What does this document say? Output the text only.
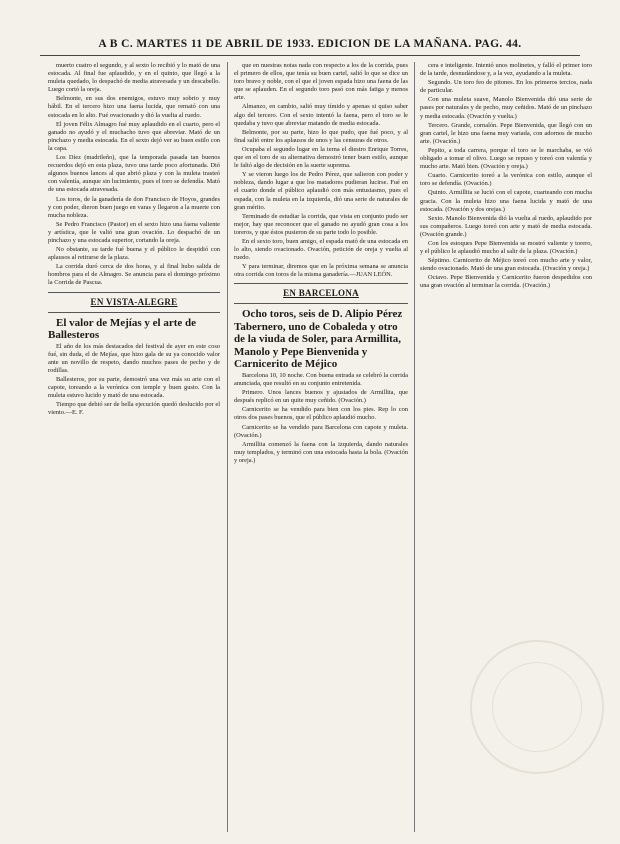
A B C. MARTES 11 DE ABRIL DE 1933. EDICION DE LA MAÑANA. PAG. 44.

muerto cuatro el segundo, y al sexto lo recibió y lo mató de una estocada. Al final fue aplaudido, y en el quinto, que llegó a la muleta quedado, lo despachó de media atravesada y un descabello. Luego cortó la oreja.

Belmonte, en sus dos enemigos, estuvo muy sobrio y muy hábil. En el tercero hizo una faena lucida, que remató con una estocada en lo alto. Fué ovacionado y dió la vuelta al ruedo.

El joven Félix Almagro fué muy aplaudido en el cuarto, pero el ganado no ayudó y el muchacho tuvo que abreviar. Mató de un pinchazo y media estocada. En el sexto dejó ver su buen estilo con la capa.

Los Díez (madrileño), que la temporada pasada tan buenos recuerdos dejó en esta plaza, tuvo una tarde poco afortunada. Dió algunos buenos lances al que abrió plaza y con la muleta trasteó con valentía, aunque sin lucimiento, pues el toro se defendía. Mató de una estocada atravesada.

Los toros, de la ganadería de don Francisco de Hoyos, grandes y con poder, dieron buen juego en varas y llegaron a la muerte con mucha nobleza.

Se Pedro Francisco (Pastor) en el sexto hizo una faena valiente y artística, que le valió una gran ovación. Lo despachó de un pinchazo y una estocada superior, cortando la oreja.

No obstante, su tarde fué buena y el público le despidió con aplausos al retirarse de la plaza.

La corrida duró cerca de dos horas, y al final hubo salida de hombros para el de Almagro. Se anuncia para el domingo próximo la Corrida de Pascua.

EN VISTA-ALEGRE

El valor de Mejías y el arte de Ballesteros

El año de los más destacados del festival de ayer en este coso fué, sin duda, el de Mejías, que hizo gala de su ya conocido valor ante un novillo de respeto, dando muchos pases de pecho y de rodillas.

Ballesteros, por su parte, demostró una vez más su arte con el capote, toreando a la verónica con temple y buen gusto. Con la muleta estuvo lucido y mató de una estocada.

Tiempo que debió ser de bella ejecución quedó deslucido por el viento.—E. F.

que en nuestras notas nada con respecto a los de la corrida, pues el primero de ellos, que tenía su buen cartel, salió lo que se dice un toro bravo y noble, con el que el joven espada hizo una faena de las que se aplauden. En el segundo toro pasó con más fatiga y menos arte.

Almanzo, en cambio, salió muy tímido y apenas si quiso saber algo del tercero. Con el sexto intentó la faena, pero el toro se le quedaba y tuvo que abreviar matando de media estocada.

Belmonte, por su parte, hizo lo que pudo, que fué poco, y al final salió entre los aplausos de unos y las censuras de otros.

Ocupaba el segundo lugar en la terna el diestro Enrique Torres, que en el toro de su alternativa demostró tener buen estilo, aunque le faltó algo de decisión en la suerte suprema.

Y se vieron luego los de Pedro Pérez, que salieron con poder y nobleza, dando lugar a que los matadores pudieran lucirse. Fué en el cuarto donde el público aplaudió con más entusiasmo, pues el espada, con la muleta en la izquierda, dió una serie de naturales de gran mérito.

Terminado de estudiar la corrida, que vista en conjunto pudo ser mejor, hay que reconocer que el ganado no ayudó gran cosa a los toreros, y que éstos pusieron de su parte todo lo posible.

En el sexto toro, buen amigo, el espada mató de una estocada en lo alto, siendo ovacionado. Ovación, petición de oreja y vuelta al ruedo.

Y para terminar, diremos que en la próxima semana se anuncia otra corrida con toros de la misma ganadería.—JUAN LEÓN.

EN BARCELONA

Ocho toros, seis de D. Alipio Pérez Tabernero, uno de Cobaleda y otro de la viuda de Soler, para Armillita, Manolo y Pepe Bienvenida y Carnicerito de Méjico

Barcelona 10, 10 noche. Con buena entrada se celebró la corrida anunciada, que resultó en su conjunto entretenida.

Primero. Unos lances buenos y ajustados de Armillita, que después replicó en un quite muy ceñido. (Ovación.)

Carnicerito se ha vendido para bien con los pies. Rep lo con otros dos pases buenos, que el público aplaudió mucho.

Carnicerito se ha vendido para Barcelona con capote y muleta. (Ovación.)

Armillita comenzó la faena con la izquierda, dando naturales muy templados, y terminó con una estocada hasta la bola. (Ovación y oreja.)

cera e inteligente. Intentó unos molinetes, y falló el primer toro de la tarde, desnudándose y, a la vez, ayudando a la muleta.

Segundo. Un toro feo de pitones. En los primeros tercios, nada de particular.

Con una muleta suave, Manolo Bienvenida dió una serie de pases por naturales y de pecho, muy ceñidos. Mató de un pinchazo y media estocada. (Ovación y vuelta.)

Tercero. Grande, cornalón. Pepe Bienvenida, que llegó con un gran cartel, le hizo una faena muy variada, con adornos de mucho arte. (Ovación.)

Pepito, a toda carrera, porque el toro se le marchaba, se vió obligado a tomar el olivo. Luego se repuso y toreó con valentía y mucho arte. Mató bien. (Ovación y oreja.)

Cuarto. Carnicerito toreó a la verónica con estilo, aunque el toro se defendía. (Ovación.)

Quinto. Armillita se lució con el capote, cuarteando con mucha gracia. Con la muleta hizo una faena lucida y mató de una estocada. (Ovación y dos orejas.)

Sexto. Manolo Bienvenida dió la vuelta al ruedo, aplaudido por sus compañeros. Luego toreó con arte y mató de media estocada. (Ovación grande.)

Con los estoques Pepe Bienvenida se mostró valiente y torero, y el público le aplaudió mucho al salir de la plaza. (Ovación.)

Séptimo. Carnicerito de Méjico toreó con mucho arte y valor, siendo ovacionado. Mató de una gran estocada. (Ovación y oreja.)

Octavo. Pepe Bienvenida y Carnicerito fueron despedidos con una gran ovación al terminar la corrida. (Ovación.)
